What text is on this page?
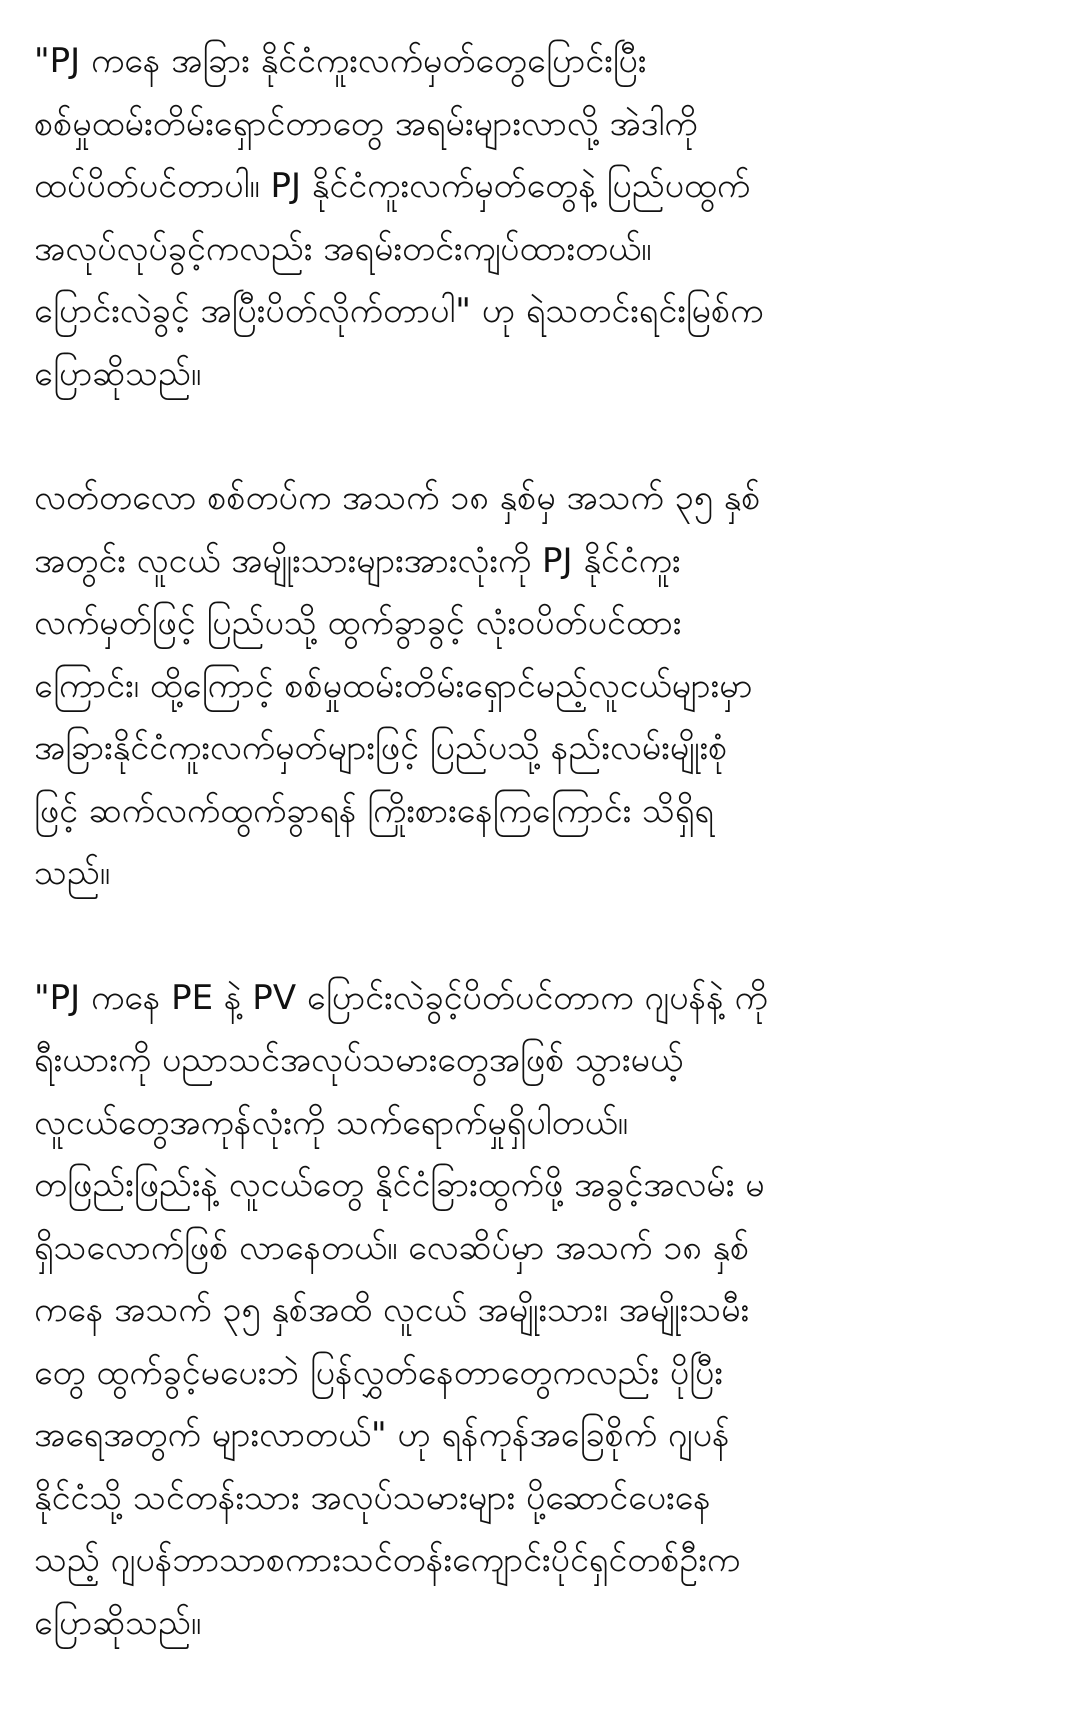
"PJ ကနေ အခြား နိုင်ငံကူးလက်မှတ်တွေပြောင်းပြီး
စစ်မှုထမ်းတိမ်းရှောင်တာတွေ အရမ်းများလာလို့ အဲဒါကို
ထပ်ပိတ်ပင်တာပါ။ PJ နိုင်ငံကူးလက်မှတ်တွေနဲ့ ပြည်ပထွက်
အလုပ်လုပ်ခွင့်ကလည်း အရမ်းတင်းကျပ်ထားတယ်။
ပြောင်းလဲခွင့် အပြီးပိတ်လိုက်တာပါ" ဟု ရဲသတင်းရင်းမြစ်က
ပြောဆိုသည်။
လတ်တလော စစ်တပ်က အသက် ၁၈ နှစ်မှ အသက် ၃၅ နှစ်
အတွင်း လူငယ် အမျိုးသားများအားလုံးကို PJ နိုင်ငံကူး
လက်မှတ်ဖြင့် ပြည်ပသို့ ထွက်ခွာခွင့် လုံးဝပိတ်ပင်ထား
ကြောင်း၊ ထို့ကြောင့် စစ်မှုထမ်းတိမ်းရှောင်မည့်လူငယ်များမှာ
အခြားနိုင်ငံကူးလက်မှတ်များဖြင့် ပြည်ပသို့ နည်းလမ်းမျိုးစုံ
ဖြင့် ဆက်လက်ထွက်ခွာရန် ကြိုးစားနေကြကြောင်း သိရှိရ
သည်။
"PJ ကနေ PE နဲ့ PV ပြောင်းလဲခွင့်ပိတ်ပင်တာက ဂျပန်နဲ့ ကို
ရီးယားကို ပညာသင်အလုပ်သမားတွေအဖြစ် သွားမယ့်
လူငယ်တွေအကုန်လုံးကို သက်ရောက်မှုရှိပါတယ်။
တဖြည်းဖြည်းနဲ့ လူငယ်တွေ နိုင်ငံခြားထွက်ဖို့ အခွင့်အလမ်း မ
ရှိသလောက်ဖြစ် လာနေတယ်။ လေဆိပ်မှာ အသက် ၁၈ နှစ်
ကနေ အသက် ၃၅ နှစ်အထိ လူငယ် အမျိုးသား၊ အမျိုးသမီး
တွေ ထွက်ခွင့်မပေးဘဲ ပြန်လွှတ်နေတာတွေကလည်း ပိုပြီး
အရေအတွက် များလာတယ်" ဟု ရန်ကုန်အခြေစိုက် ဂျပန်
နိုင်ငံသို့ သင်တန်းသား အလုပ်သမားများ ပို့ဆောင်ပေးနေ
သည့် ဂျပန်ဘာသာစကားသင်တန်းကျောင်းပိုင်ရှင်တစ်ဦးက
ပြောဆိုသည်။
